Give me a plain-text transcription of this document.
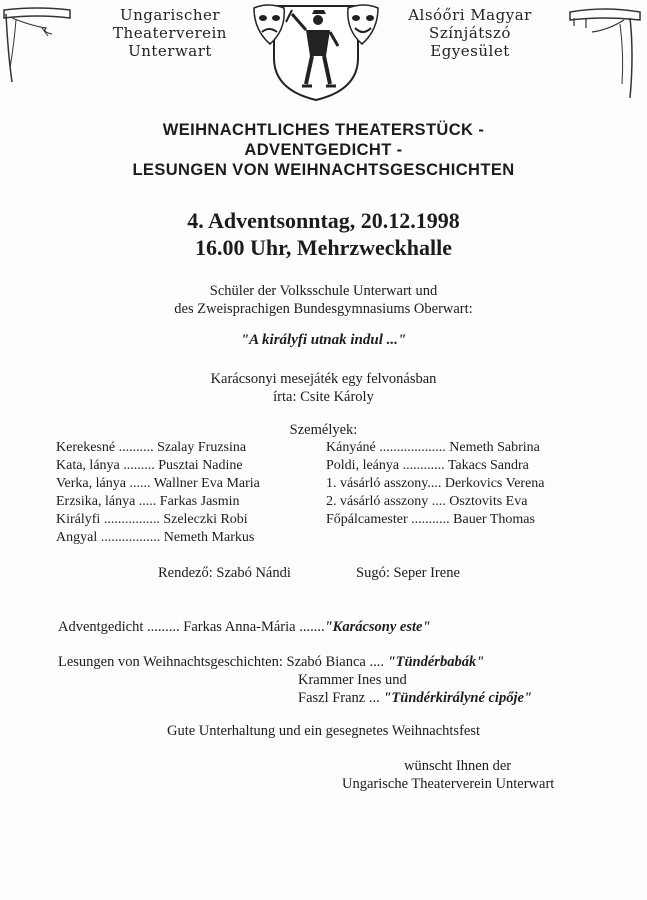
Ungarischer
Theaterverein
Unterwart
Alsóőri Magyar
Színjátszó
Egyesület
WEIHNACHTLICHES THEATERSTÜCK -
ADVENTGEDICHT -
LESUNGEN VON WEIHNACHTSGESCHICHTEN
4. Adventsonntag, 20.12.1998
16.00 Uhr, Mehrzweckhalle
Schüler der Volksschule Unterwart und
des Zweisprachigen Bundesgymnasiums Oberwart:
"A királyfi utnak indul ..."
Karácsonyi mesejáték egy felvonásban
írta: Csite Károly
Személyek:
Kerekesné .......... Szalay Fruzsina
Kata, lánya ......... Pusztai Nadine
Verka, lánya ...... Wallner Eva Maria
Erzsika, lánya ..... Farkas Jasmin
Királyfi ................ Szeleczki Robi
Angyal ................. Nemeth Markus
Kányáné ................... Nemeth Sabrina
Poldi, leánya ............ Takacs Sandra
1. vásárló asszony.... Derkovics Verena
2. vásárló asszony .... Osztovits Eva
Főpálcamester ........... Bauer Thomas
Rendező: Szabó Nándi	Sugó: Seper Irene
Adventgedicht ......... Farkas Anna-Mária ......."Karácsony este"
Lesungen von Weihnachtsgeschichten: Szabó Bianca .... "Tündérbabák"
Krammer Ines und
Faszl Franz ... "Tündérkirályné cipője"
Gute Unterhaltung und ein gesegnetes Weihnachtsfest
wünscht Ihnen der
Ungarische Theaterverein Unterwart
